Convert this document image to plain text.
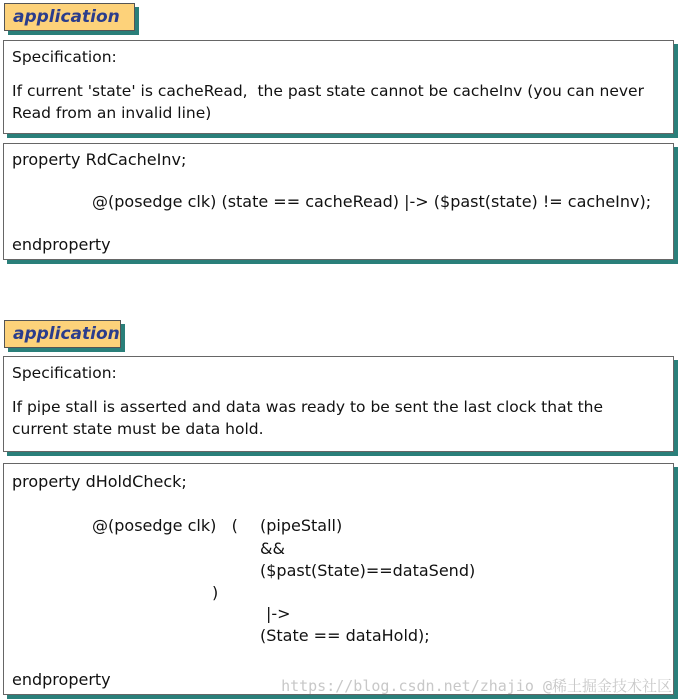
application
Specification:
If current 'state' is cacheRead,  the past state cannot be cacheInv (you can never
Read from an invalid line)
property RdCacheInv;
@(posedge clk) (state == cacheRead) |-> ($past(state) != cacheInv);
endproperty
application
Specification:
If pipe stall is asserted and data was ready to be sent the last clock that the
current state must be data hold.
property dHoldCheck;
@(posedge clk)   ( (pipeStall)
&&
($past(State)==dataSend)
)
|->
(State == dataHold);
endproperty	https://blog.csdn.net/zhajio @稀土掘金技术社区
